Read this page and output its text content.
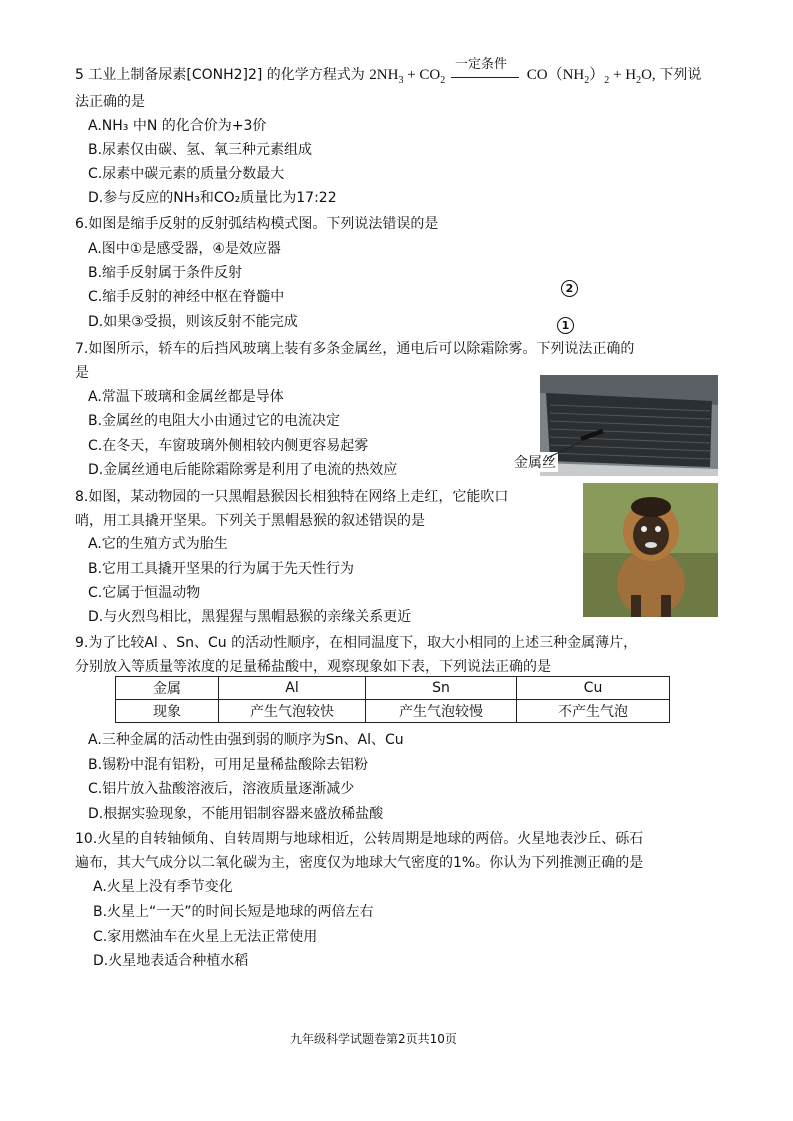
5 工业上制备尿素[CONH2]2] 的化学方程式为 $2NH_3 + CO_2$
一定条件
$CO(NH_2)_2 + H_2O$, 下列说
法正确的是
A.NH₃ 中N 的化合价为+3价
B.尿素仅由碳、氢、氧三种元素组成
C.尿素中碳元素的质量分数最大
D.参与反应的NH₃和CO₂质量比为17:22
6.如图是缩手反射的反射弧结构模式图。下列说法错误的是
A.图中①是感受器，④是效应器
B.缩手反射属于条件反射
C.缩手反射的神经中枢在脊髓中
D.如果③受损，则该反射不能完成
2
1
7.如图所示，轿车的后挡风玻璃上装有多条金属丝，通电后可以除霜除雾。下列说法正确的
是
A.常温下玻璃和金属丝都是导体
B.金属丝的电阻大小由通过它的电流决定
C.在冬天，车窗玻璃外侧相较内侧更容易起雾
D.金属丝通电后能除霜除雾是利用了电流的热效应	金属丝
8.如图，某动物园的一只黑帽悬猴因长相独特在网络上走红，它能吹口
哨，用工具撬开坚果。下列关于黑帽悬猴的叙述错误的是
A.它的生殖方式为胎生
B.它用工具撬开坚果的行为属于先天性行为
C.它属于恒温动物
D.与火烈鸟相比，黑猩猩与黑帽悬猴的亲缘关系更近
9.为了比较Al 、Sn、Cu 的活动性顺序，在相同温度下，取大小相同的上述三种金属薄片，
分别放入等质量等浓度的足量稀盐酸中，观察现象如下表，下列说法正确的是
金属	Al	Sn	Cu
现象	产生气泡较快	产生气泡较慢	不产生气泡
A.三种金属的活动性由强到弱的顺序为Sn、Al、Cu
B.锡粉中混有铝粉，可用足量稀盐酸除去铝粉
C.铝片放入盐酸溶液后，溶液质量逐渐减少
D.根据实验现象，不能用铝制容器来盛放稀盐酸
10.火星的自转轴倾角、自转周期与地球相近，公转周期是地球的两倍。火星地表沙丘、砾石
遍布，其大气成分以二氧化碳为主，密度仅为地球大气密度的1%。你认为下列推测正确的是
A.火星上没有季节变化
B.火星上“一天”的时间长短是地球的两倍左右
C.家用燃油车在火星上无法正常使用
D.火星地表适合种植水稻
九年级科学试题卷第2页共10页
